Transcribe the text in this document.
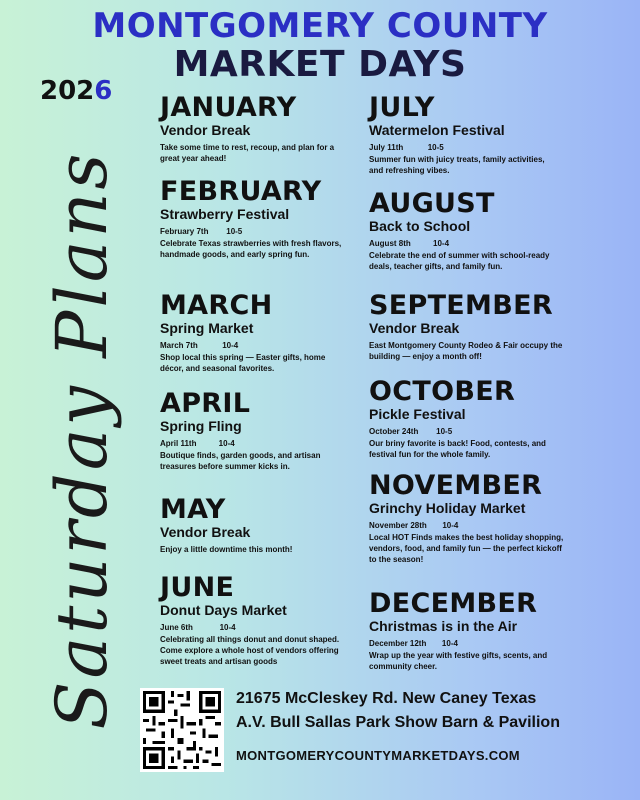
MONTGOMERY COUNTY
MARKET DAYS
2026
Saturday Plans
JANUARY
Vendor Break
Take some time to rest, recoup, and plan for a great year ahead!
FEBRUARY
Strawberry Festival
February 7th        10-5
Celebrate Texas strawberries with fresh flavors, handmade goods, and early spring fun.
MARCH
Spring Market
March 7th           10-4
Shop local this spring — Easter gifts, home décor, and seasonal favorites.
APRIL
Spring Fling
April 11th          10-4
Boutique finds, garden goods, and artisan treasures before summer kicks in.
MAY
Vendor Break
Enjoy a little downtime this month!
JUNE
Donut Days Market
June 6th            10-4
Celebrating all things donut and donut shaped. Come explore a whole host of vendors offering sweet treats and artisan goods
JULY
Watermelon Festival
July 11th           10-5
Summer fun with juicy treats, family activities, and refreshing vibes.
AUGUST
Back to School
August 8th          10-4
Celebrate the end of summer with school-ready deals, teacher gifts, and family fun.
SEPTEMBER
Vendor Break
East Montgomery County Rodeo & Fair occupy the building — enjoy a month off!
OCTOBER
Pickle Festival
October 24th        10-5
Our briny favorite is back! Food, contests, and festival fun for the whole family.
NOVEMBER
Grinchy Holiday Market
November 28th       10-4
Local HOT Finds makes the best holiday shopping, vendors, food, and family fun — the perfect kickoff to the season!
DECEMBER
Christmas is in the Air
December 12th       10-4
Wrap up the year with festive gifts, scents, and community cheer.
21675 McCleskey Rd. New Caney Texas
A.V. Bull Sallas Park Show Barn & Pavilion
MONTGOMERYCOUNTYMARKETDAYS.COM
